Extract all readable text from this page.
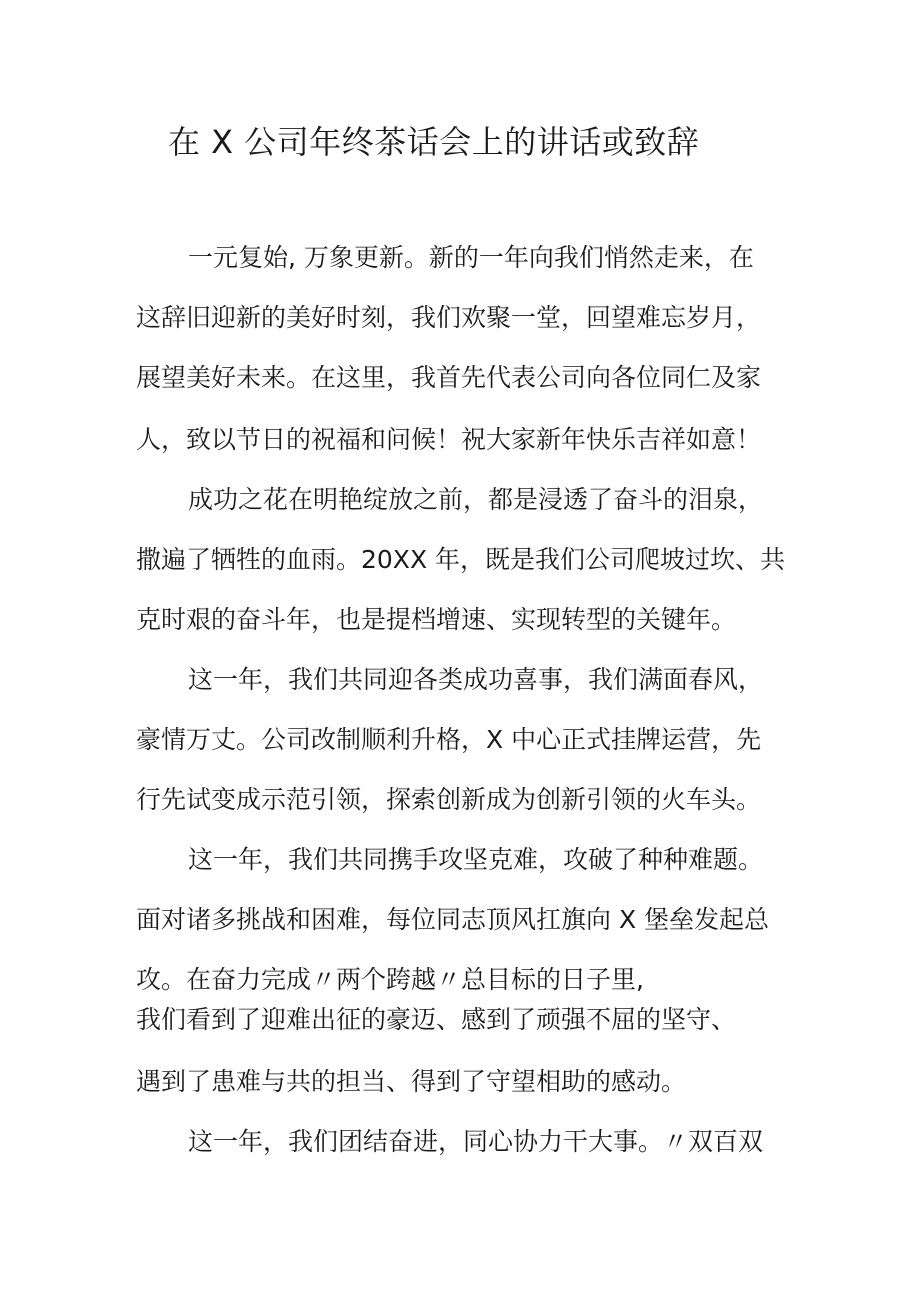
在 X 公司年终茶话会上的讲话或致辞
一元复始, 万象更新。新的一年向我们悄然走来，在
这辞旧迎新的美好时刻，我们欢聚一堂，回望难忘岁月，
展望美好未来。在这里，我首先代表公司向各位同仁及家
人，致以节日的祝福和问候！祝大家新年快乐吉祥如意！
成功之花在明艳绽放之前，都是浸透了奋斗的泪泉，
撒遍了牺牲的血雨。20XX 年，既是我们公司爬坡过坎、共
克时艰的奋斗年，也是提档增速、实现转型的关键年。
这一年，我们共同迎各类成功喜事，我们满面春风，
豪情万丈。公司改制顺利升格，X 中心正式挂牌运营，先
行先试变成示范引领，探索创新成为创新引领的火车头。
这一年，我们共同携手攻坚克难，攻破了种种难题。
面对诸多挑战和困难，每位同志顶风扛旗向 X 堡垒发起总
攻。在奋力完成〃两个跨越〃总目标的日子里,
我们看到了迎难出征的豪迈、感到了顽强不屈的坚守、
遇到了患难与共的担当、得到了守望相助的感动。
这一年，我们团结奋进，同心协力干大事。〃双百双
